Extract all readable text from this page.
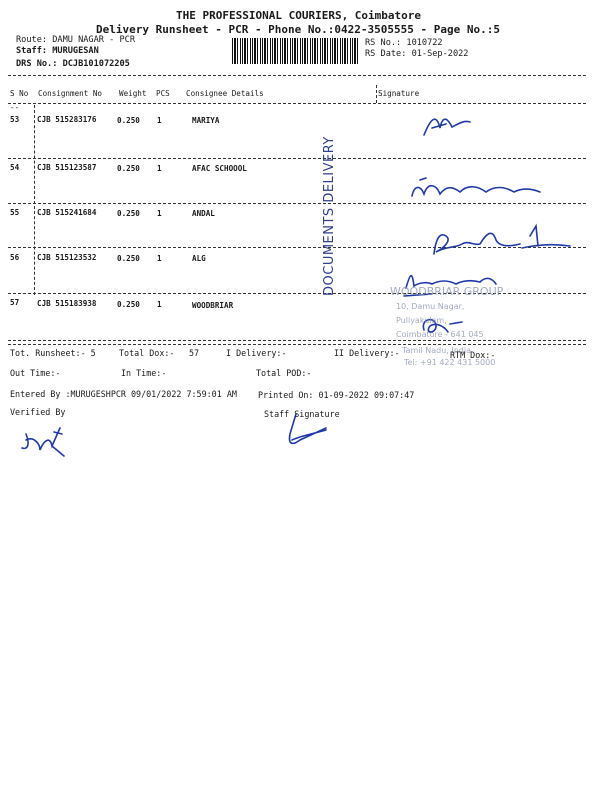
THE PROFESSIONAL COURIERS, Coimbatore
Delivery Runsheet - PCR - Phone No.:0422-3505555 - Page No.:5
Route: DAMU NAGAR - PCR
Staff: MURUGESAN
DRS No.: DCJB101072205
RS No.: 1010722
RS Date: 01-Sep-2022
S No Consignment No Weight PCS Consignee Details	Signature
--
53 CJB 515283176	0.250 1	MARIYA
54 CJB 515123587	0.250 1	AFAC SCHOOOL
55 CJB 515241684	0.250 1	ANDAL
56 CJB 515123532	0.250 1	ALG
57 CJB 515183938	0.250 1	WOODBRIAR
DOCUMENTS DELIVERY	WOODBRIAR GROUP
10, Damu Nagar,
Puliyakulam,
Coimbatore - 641 045
Tamil Nadu, India
Tel: +91 422 431 5000
Tot. Runsheet:- 5	Total Dox:- 57	I Delivery:-	II Delivery:-	RTM Dox:-
Out Time:-	In Time:-	Total POD:-
Entered By :MURUGESHPCR 09/01/2022 7:59:01 AM	Printed On: 01-09-2022 09:07:47
Verified By	Staff Signature
